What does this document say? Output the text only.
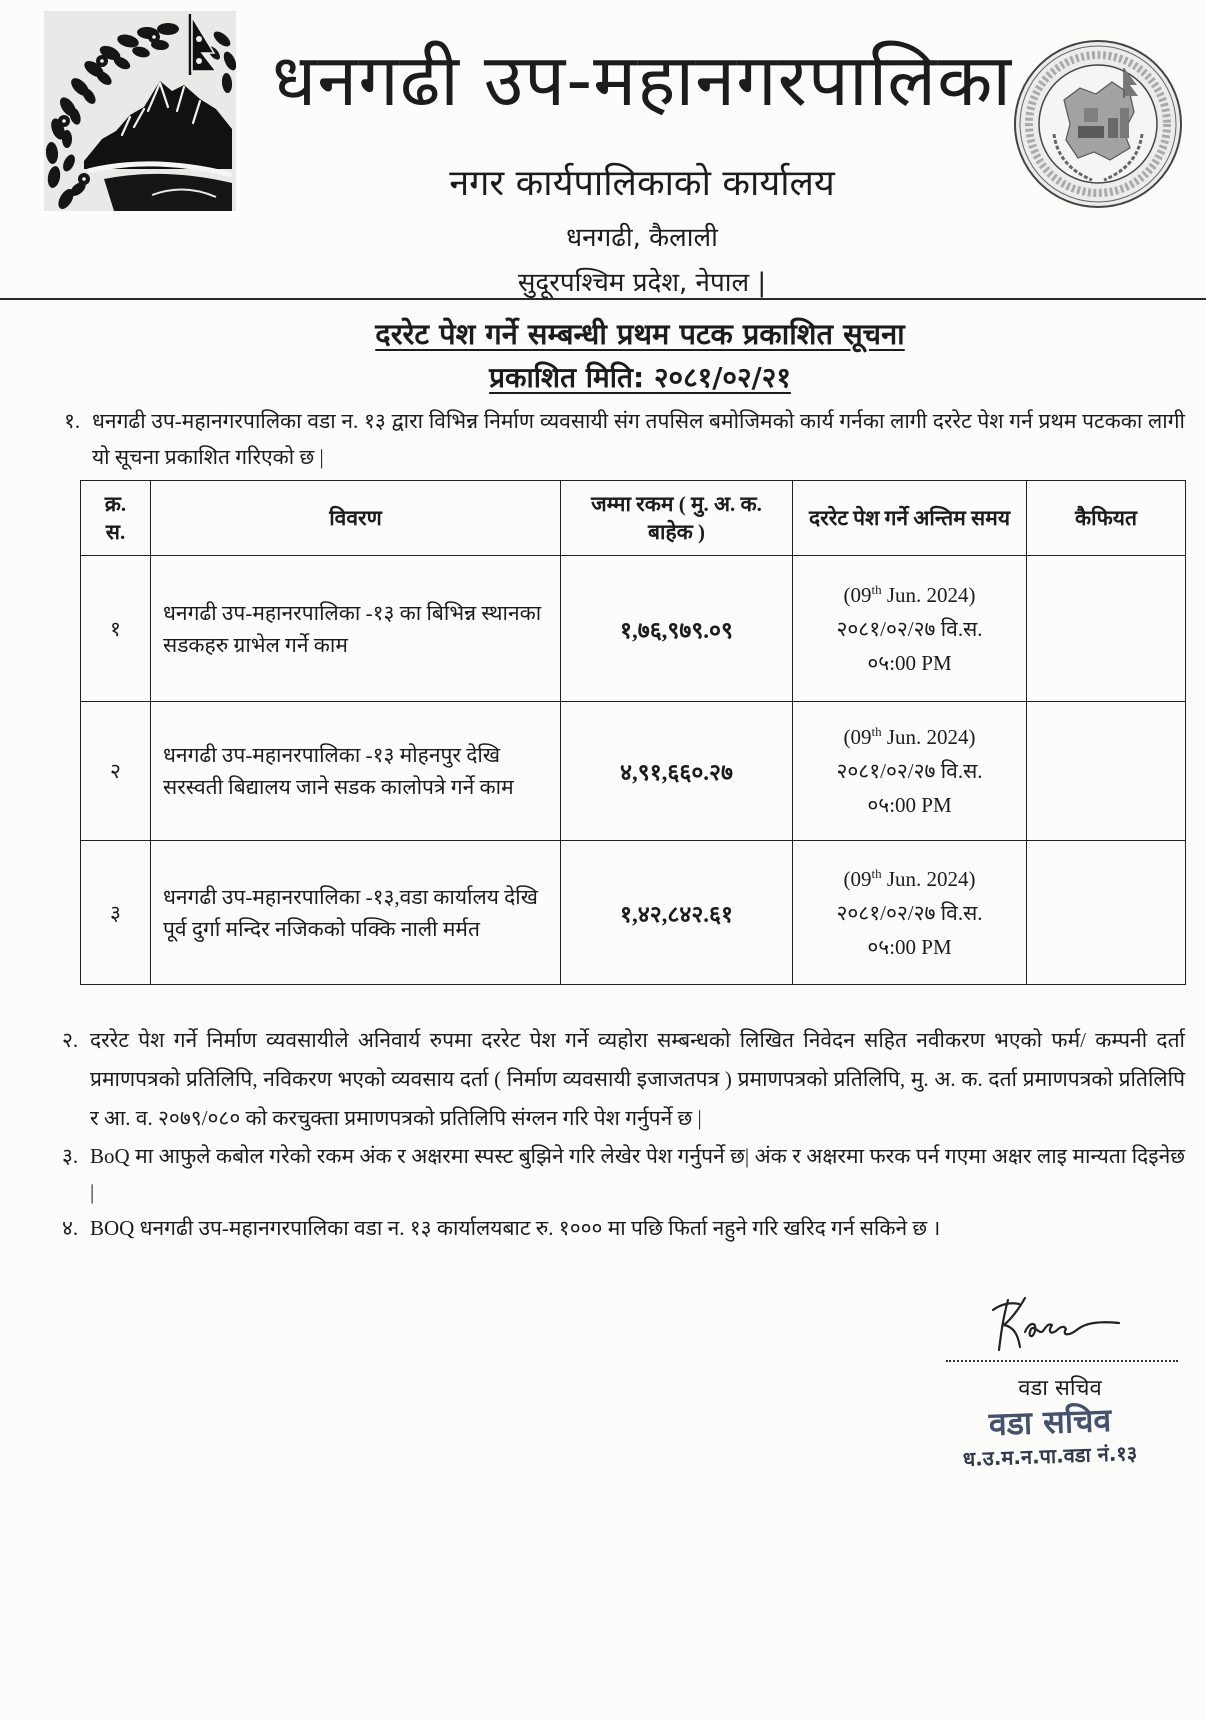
धनगढी उप-महानगरपालिका
नगर कार्यपालिकाको कार्यालय
धनगढी, कैलाली
सुदूरपश्चिम प्रदेश, नेपाल |
दररेट पेश गर्ने सम्बन्धी प्रथम पटक प्रकाशित सूचना
प्रकाशित मिति: २०८१/०२/२१
१. धनगढी उप-महानगरपालिका वडा न. १३ द्वारा विभिन्न निर्माण व्यवसायी संग तपसिल बमोजिमको कार्य गर्नका लागी दररेट पेश गर्न प्रथम पटकका लागी यो सूचना प्रकाशित गरिएको छ |
क्र. स.	विवरण	जम्मा रकम ( मु. अ. क. बाहेक )	दररेट पेश गर्ने अन्तिम समय	कैफियत
१	धनगढी उप-महानरपालिका -१३ का बिभिन्न स्थानका सडकहरु ग्राभेल गर्ने काम	१,७६,९७९.०९	(09th Jun. 2024)
२०८१/०२/२७ वि.स.
०५:00 PM	

२	धनगढी उप-महानरपालिका -१३ मोहनपुर देखि सरस्वती बिद्यालय जाने सडक कालोपत्रे गर्ने काम	४,९१,६६०.२७	(09th Jun. 2024)
२०८१/०२/२७ वि.स.
०५:00 PM	

३	धनगढी उप-महानरपालिका -१३,वडा कार्यालय देखि पूर्व दुर्गा मन्दिर नजिकको पक्कि नाली मर्मत	१,४२,८४२.६१	(09th Jun. 2024)
२०८१/०२/२७ वि.स.
०५:00 PM	

२. दररेट पेश गर्ने निर्माण व्यवसायीले अनिवार्य रुपमा दररेट पेश गर्ने व्यहोरा सम्बन्धको लिखित निवेदन सहित नवीकरण भएको फर्म/ कम्पनी दर्ता प्रमाणपत्रको प्रतिलिपि, नविकरण भएको व्यवसाय दर्ता ( निर्माण व्यवसायी इजाजतपत्र ) प्रमाणपत्रको प्रतिलिपि, मु. अ. क. दर्ता प्रमाणपत्रको प्रतिलिपि र आ. व. २०७९/०८० को करचुक्ता प्रमाणपत्रको प्रतिलिपि संग्लन गरि पेश गर्नुपर्ने छ |
३. BoQ मा आफुले कबोल गरेको रकम अंक र अक्षरमा स्पस्ट बुझिने गरि लेखेर पेश गर्नुपर्ने छ| अंक र अक्षरमा फरक पर्न गएमा अक्षर लाइ मान्यता दिइनेछ |
४. BOQ धनगढी उप-महानगरपालिका वडा न. १३ कार्यालयबाट रु. १००० मा पछि फिर्ता नहुने गरि खरिद गर्न सकिने छ ।
वडा सचिव
वडा सचिव
ध.उ.म.न.पा.वडा नं.१३
